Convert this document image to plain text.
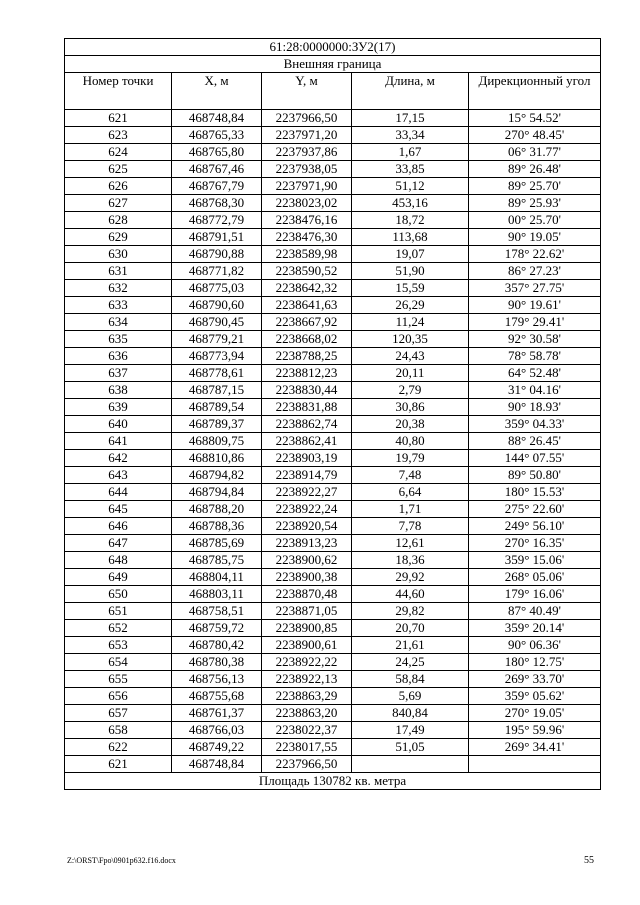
61:28:0000000:ЗУ2(17)				
Внешняя граница				
Номер точки	X, м	Y, м	Длина, м	Дирекционный угол
621	468748,84	2237966,50	17,15	15° 54.52'
623	468765,33	2237971,20	33,34	270° 48.45'
624	468765,80	2237937,86	1,67	06° 31.77'
625	468767,46	2237938,05	33,85	89° 26.48'
626	468767,79	2237971,90	51,12	89° 25.70'
627	468768,30	2238023,02	453,16	89° 25.93'
628	468772,79	2238476,16	18,72	00° 25.70'
629	468791,51	2238476,30	113,68	90° 19.05'
630	468790,88	2238589,98	19,07	178° 22.62'
631	468771,82	2238590,52	51,90	86° 27.23'
632	468775,03	2238642,32	15,59	357° 27.75'
633	468790,60	2238641,63	26,29	90° 19.61'
634	468790,45	2238667,92	11,24	179° 29.41'
635	468779,21	2238668,02	120,35	92° 30.58'
636	468773,94	2238788,25	24,43	78° 58.78'
637	468778,61	2238812,23	20,11	64° 52.48'
638	468787,15	2238830,44	2,79	31° 04.16'
639	468789,54	2238831,88	30,86	90° 18.93'
640	468789,37	2238862,74	20,38	359° 04.33'
641	468809,75	2238862,41	40,80	88° 26.45'
642	468810,86	2238903,19	19,79	144° 07.55'
643	468794,82	2238914,79	7,48	89° 50.80'
644	468794,84	2238922,27	6,64	180° 15.53'
645	468788,20	2238922,24	1,71	275° 22.60'
646	468788,36	2238920,54	7,78	249° 56.10'
647	468785,69	2238913,23	12,61	270° 16.35'
648	468785,75	2238900,62	18,36	359° 15.06'
649	468804,11	2238900,38	29,92	268° 05.06'
650	468803,11	2238870,48	44,60	179° 16.06'
651	468758,51	2238871,05	29,82	87° 40.49'
652	468759,72	2238900,85	20,70	359° 20.14'
653	468780,42	2238900,61	21,61	90° 06.36'
654	468780,38	2238922,22	24,25	180° 12.75'
655	468756,13	2238922,13	58,84	269° 33.70'
656	468755,68	2238863,29	5,69	359° 05.62'
657	468761,37	2238863,20	840,84	270° 19.05'
658	468766,03	2238022,37	17,49	195° 59.96'
622	468749,22	2238017,55	51,05	269° 34.41'
621	468748,84	2237966,50		
Площадь 130782 кв. метра				
Z:\ORST\Fpo\0901p632.f16.docx	55
